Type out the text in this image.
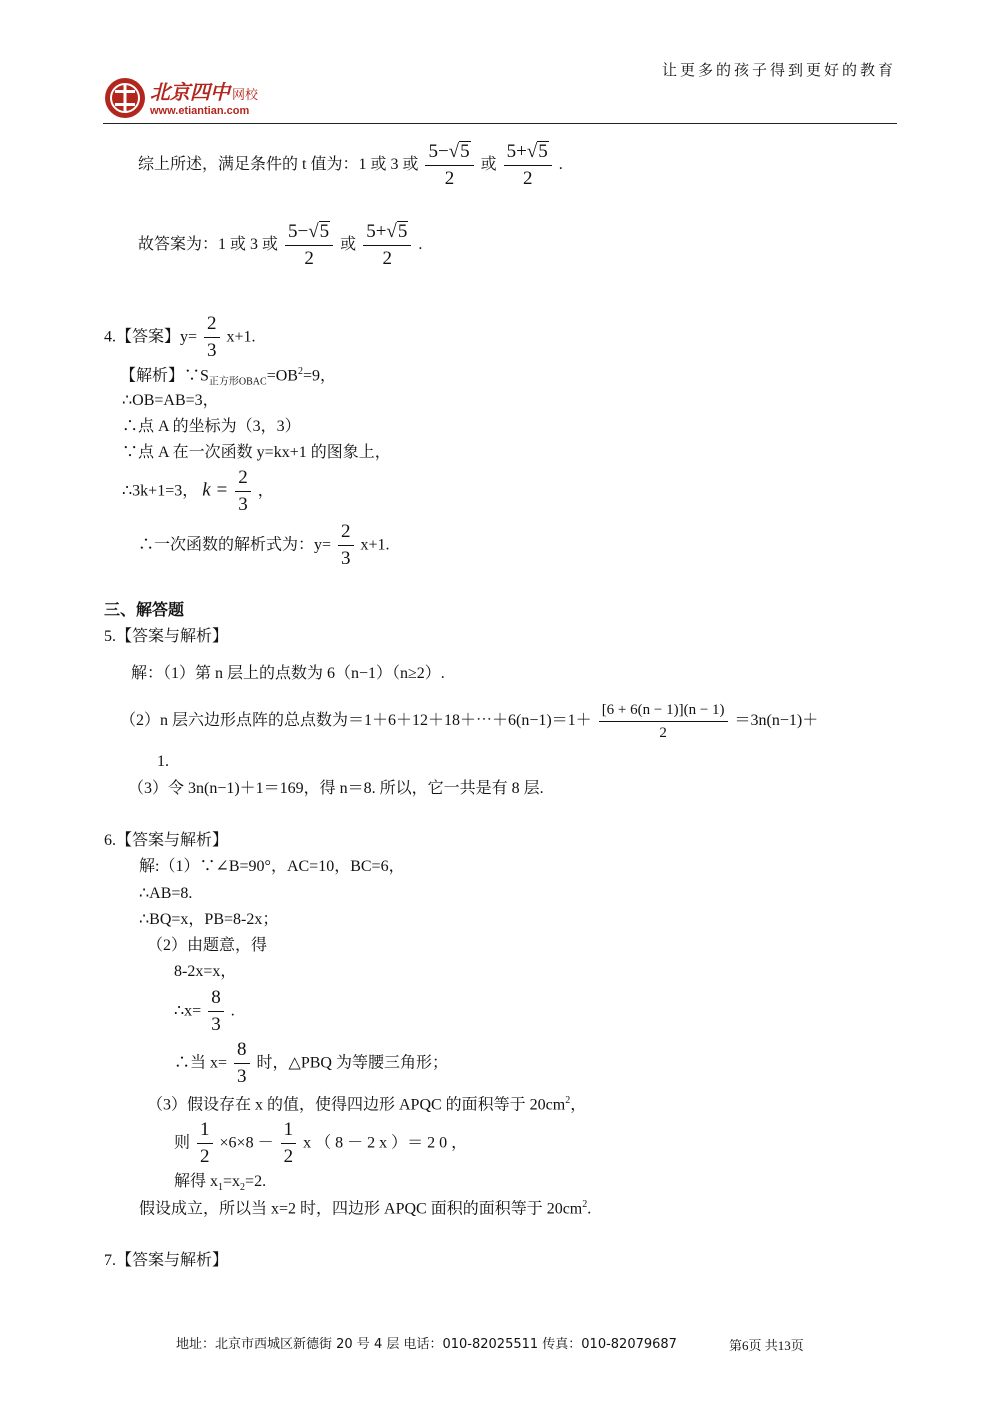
北京四中 网校
www.etiantian.com
让更多的孩子得到更好的教育
综上所述，满足条件的 t 值为：1 或 3 或 $\frac{5-√ 5}{2}$ 或 $\frac{5+√ 5}{2}$ .
故答案为：1 或 3 或 $\frac{5-√ 5}{2}$ 或 $\frac{5+√ 5}{2}$ .
4.【答案】$y= \frac{2}{3} x+1$.
【解析】$\because S_{正方形OBAC}=OB^2=9$，
∴OB=AB=3，
∴点 A 的坐标为（3，3）
∵点 A 在一次函数 y=kx+1 的图象上，
∴3k+1=3， $k = \frac{2}{3}$ ，
∴一次函数的解析式为：$y= \frac{2}{3} x+1$.
三、解答题
5.【答案与解析】
解：（1）第 n 层上的点数为 6（n−1）（n≥2）.
（2）n 层六边形点阵的总点数为＝1＋6＋12＋18＋⋯＋6(n−1)＝1＋ $\frac{[6 + 6(n - 1)](n - 1)}{2} =3n(n-1)+$
1.
（3）令 3n(n−1)＋1＝169，得 n＝8. 所以，它一共是有 8 层.
6.【答案与解析】
解:（1）∵∠B=90°，AC=10，BC=6，
∴AB=8.
∴BQ=x，PB=8-2x；
（2）由题意，得
8-2x=x，
∴x= $\frac{8}{3}$ .
∴当 $x= \frac{8}{3}$ 时，△PBQ 为等腰三角形；
（3）假设存在 x 的值，使得四边形 APQC 的面积等于 $20cm^2$，
则 $\frac{1}{2} \times 6\times 8 - \frac{1}{2}$ x （ 8 － 2 x ）＝ 2 0 ，
解得 $x_1=x_2=2$.
假设成立，所以当 x=2 时，四边形 APQC 面积的面积等于 $20cm^2$.
7.【答案与解析】
地址：北京市西城区新德街 20 号 4 层 电话：010-82025511 传真：010-82079687	第6页 共13页
